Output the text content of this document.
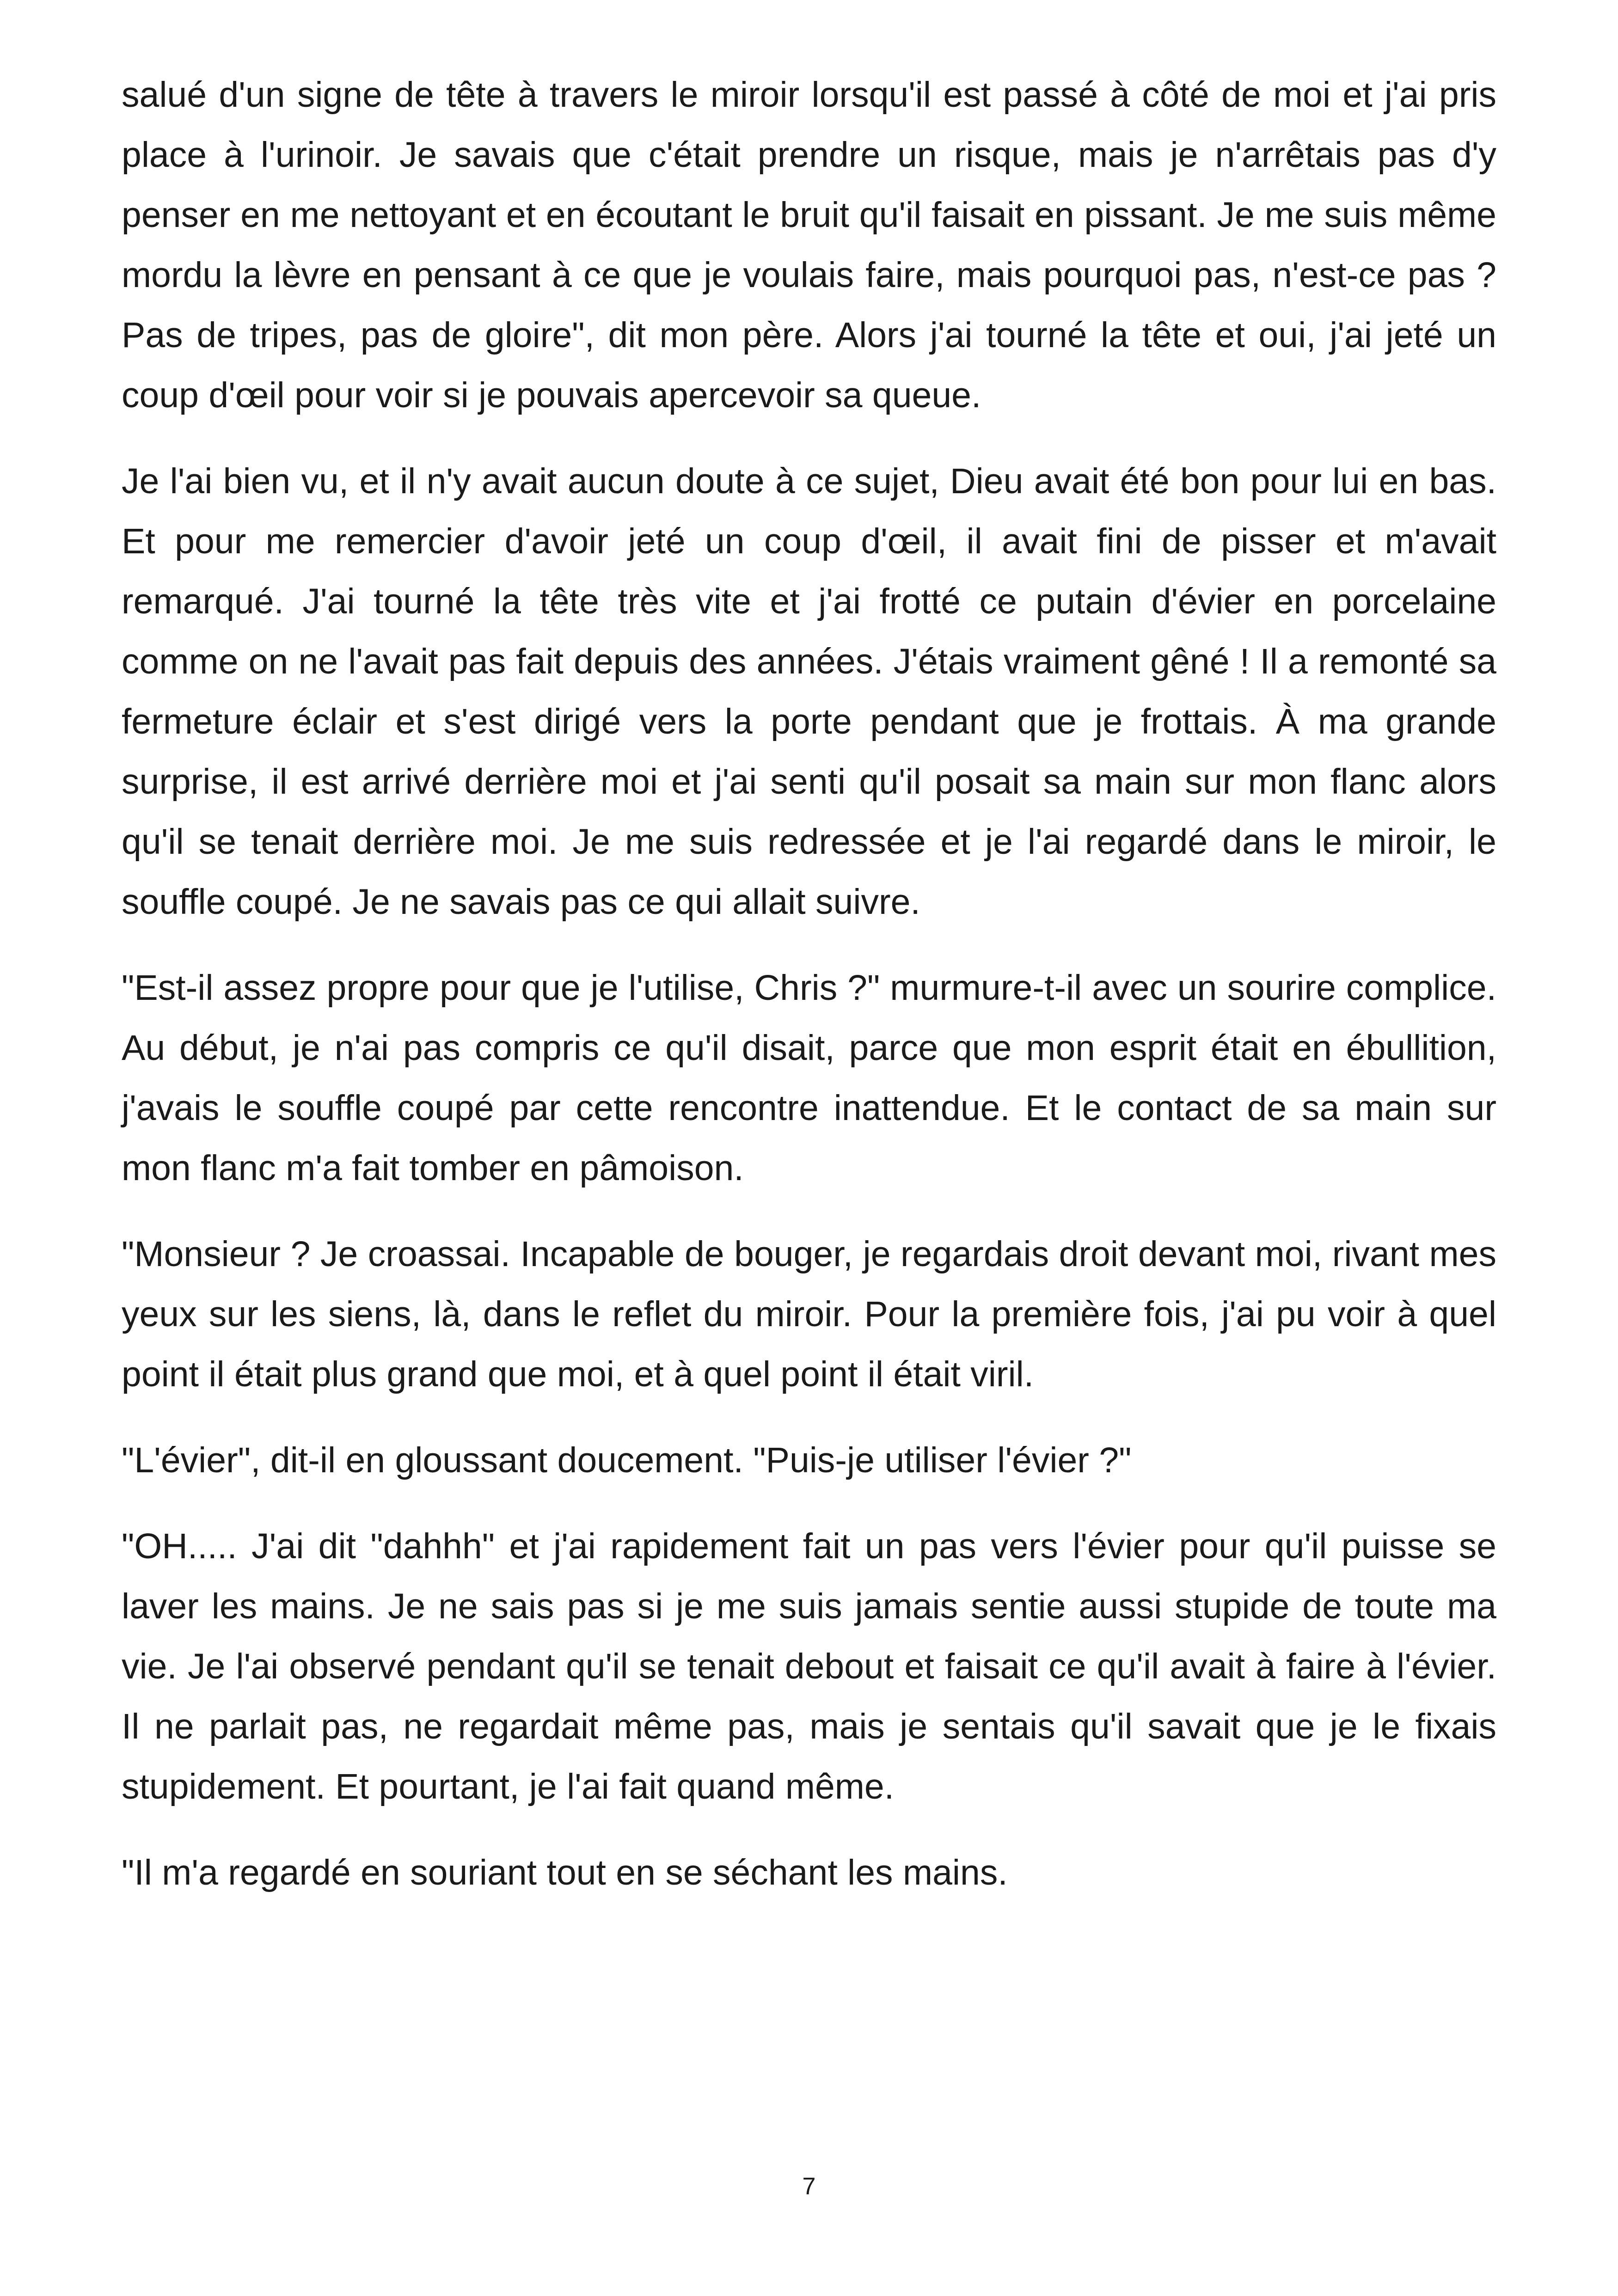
salué d'un signe de tête à travers le miroir lorsqu'il est passé à côté de moi et j'ai pris place à l'urinoir. Je savais que c'était prendre un risque, mais je n'arrêtais pas d'y penser en me nettoyant et en écoutant le bruit qu'il faisait en pissant. Je me suis même mordu la lèvre en pensant à ce que je voulais faire, mais pourquoi pas, n'est-ce pas ? Pas de tripes, pas de gloire", dit mon père. Alors j'ai tourné la tête et oui, j'ai jeté un coup d'œil pour voir si je pouvais apercevoir sa queue.

Je l'ai bien vu, et il n'y avait aucun doute à ce sujet, Dieu avait été bon pour lui en bas. Et pour me remercier d'avoir jeté un coup d'œil, il avait fini de pisser et m'avait remarqué. J'ai tourné la tête très vite et j'ai frotté ce putain d'évier en porcelaine comme on ne l'avait pas fait depuis des années. J'étais vraiment gêné ! Il a remonté sa fermeture éclair et s'est dirigé vers la porte pendant que je frottais. À ma grande surprise, il est arrivé derrière moi et j'ai senti qu'il posait sa main sur mon flanc alors qu'il se tenait derrière moi. Je me suis redressée et je l'ai regardé dans le miroir, le souffle coupé. Je ne savais pas ce qui allait suivre.

"Est-il assez propre pour que je l'utilise, Chris ?" murmure-t-il avec un sourire complice. Au début, je n'ai pas compris ce qu'il disait, parce que mon esprit était en ébullition, j'avais le souffle coupé par cette rencontre inattendue. Et le contact de sa main sur mon flanc m'a fait tomber en pâmoison.

"Monsieur ? Je croassai. Incapable de bouger, je regardais droit devant moi, rivant mes yeux sur les siens, là, dans le reflet du miroir. Pour la première fois, j'ai pu voir à quel point il était plus grand que moi, et à quel point il était viril.

"L'évier", dit-il en gloussant doucement. "Puis-je utiliser l'évier ?"

"OH..... J'ai dit "dahhh" et j'ai rapidement fait un pas vers l'évier pour qu'il puisse se laver les mains. Je ne sais pas si je me suis jamais sentie aussi stupide de toute ma vie. Je l'ai observé pendant qu'il se tenait debout et faisait ce qu'il avait à faire à l'évier. Il ne parlait pas, ne regardait même pas, mais je sentais qu'il savait que je le fixais stupidement. Et pourtant, je l'ai fait quand même.

"Il m'a regardé en souriant tout en se séchant les mains.

7
